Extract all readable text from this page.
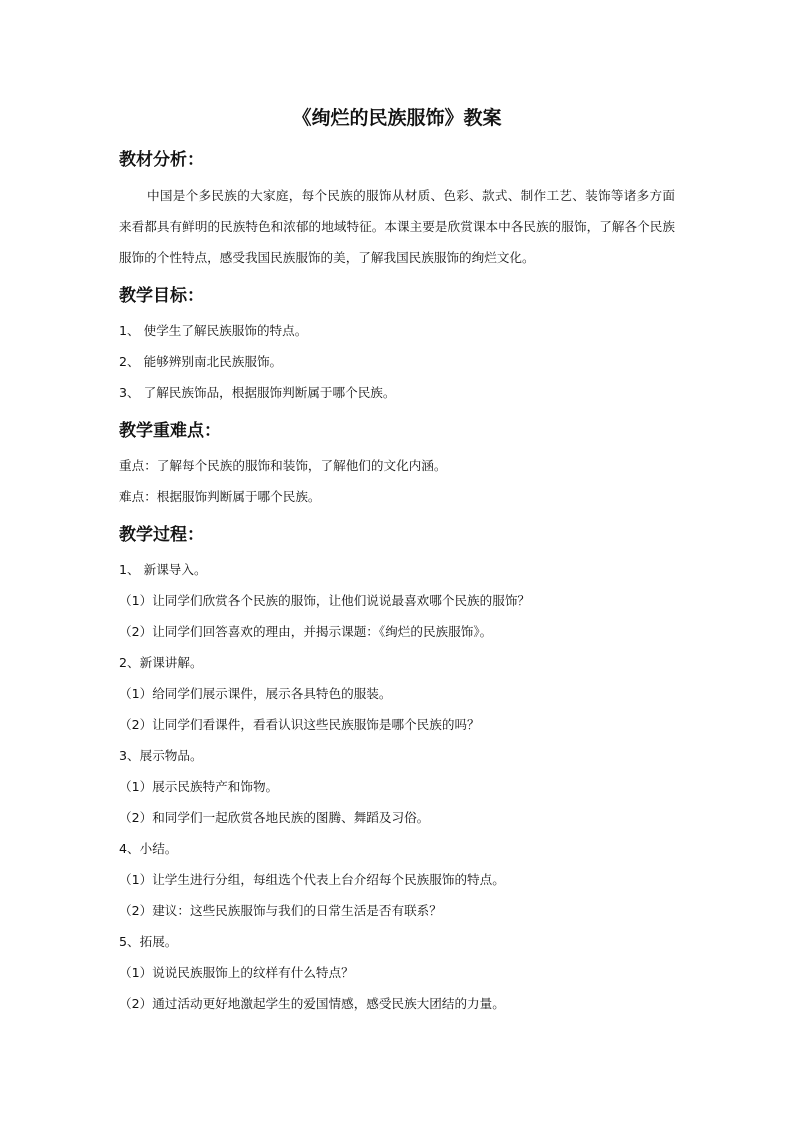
《绚烂的民族服饰》教案
教材分析：
中国是个多民族的大家庭，每个民族的服饰从材质、色彩、款式、制作工艺、装饰等诸多方面来看都具有鲜明的民族特色和浓郁的地域特征。本课主要是欣赏课本中各民族的服饰，了解各个民族服饰的个性特点，感受我国民族服饰的美，了解我国民族服饰的绚烂文化。
教学目标：
1、 使学生了解民族服饰的特点。
2、 能够辨别南北民族服饰。
3、 了解民族饰品，根据服饰判断属于哪个民族。
教学重难点：
重点：了解每个民族的服饰和装饰，了解他们的文化内涵。
难点：根据服饰判断属于哪个民族。
教学过程：
1、 新课导入。
（1）让同学们欣赏各个民族的服饰，让他们说说最喜欢哪个民族的服饰？
（2）让同学们回答喜欢的理由，并揭示课题：《绚烂的民族服饰》。
2、新课讲解。
（1）给同学们展示课件，展示各具特色的服装。
（2）让同学们看课件，看看认识这些民族服饰是哪个民族的吗？
3、展示物品。
（1）展示民族特产和饰物。
（2）和同学们一起欣赏各地民族的图腾、舞蹈及习俗。
4、小结。
（1）让学生进行分组，每组选个代表上台介绍每个民族服饰的特点。
（2）建议：这些民族服饰与我们的日常生活是否有联系？
5、拓展。
（1）说说民族服饰上的纹样有什么特点？
（2）通过活动更好地激起学生的爱国情感，感受民族大团结的力量。
